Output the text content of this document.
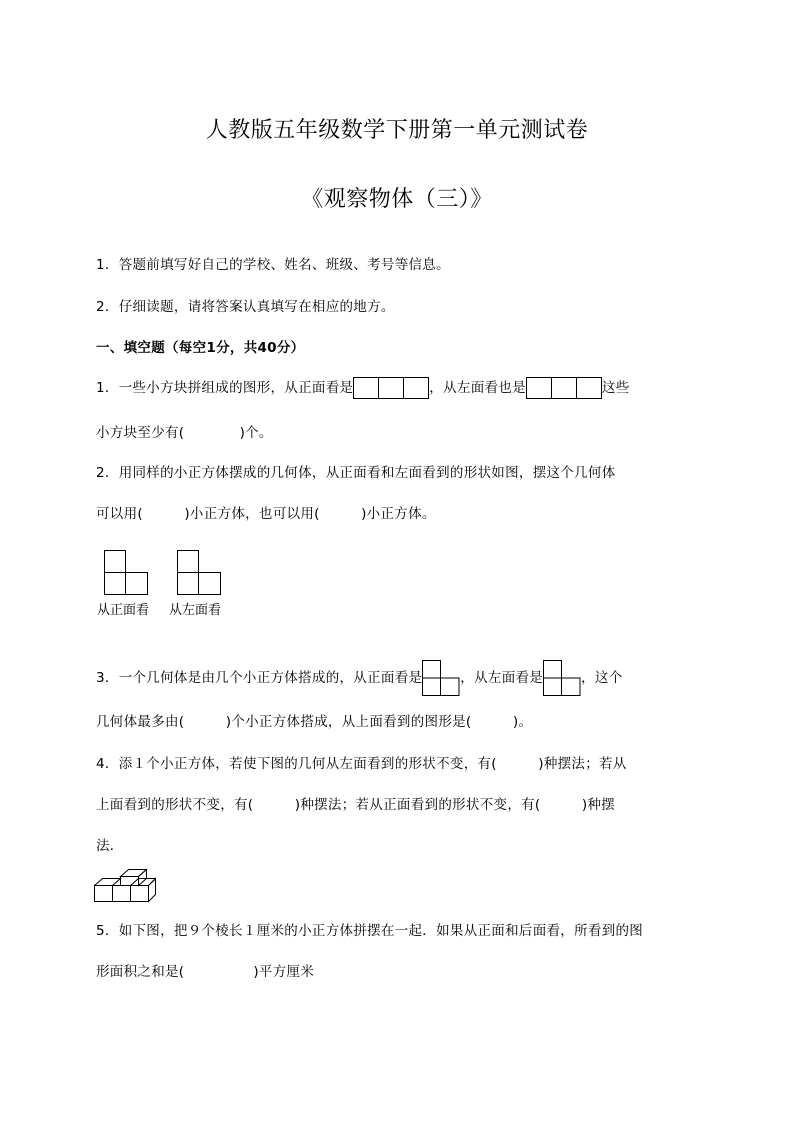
人教版五年级数学下册第一单元测试卷
《观察物体（三）》
1．答题前填写好自己的学校、姓名、班级、考号等信息。
2．仔细读题，请将答案认真填写在相应的地方。
一、填空题（每空1分，共40分）
1．一些小方块拼组成的图形，从正面看是	，从左面看也是	这些
小方块至少有(　　　　)个。
2．用同样的小正方体摆成的几何体，从正面看和左面看到的形状如图，摆这个几何体
可以用(　　　)小正方体，也可以用(　　　)小正方体。
从正面看 从左面看
3．一个几何体是由几个小正方体搭成的，从正面看是	，从左面看是	，这个
几何体最多由(　　　)个小正方体搭成，从上面看到的图形是(　　　)。
4．添１个小正方体，若使下图的几何从左面看到的形状不变，有(　　　)种摆法；若从
上面看到的形状不变，有(　　　)种摆法；若从正面看到的形状不变，有(　　　)种摆
法．
5．如下图，把９个棱长１厘米的小正方体拼摆在一起．如果从正面和后面看，所看到的图
形面积之和是(　　　　　)平方厘米
